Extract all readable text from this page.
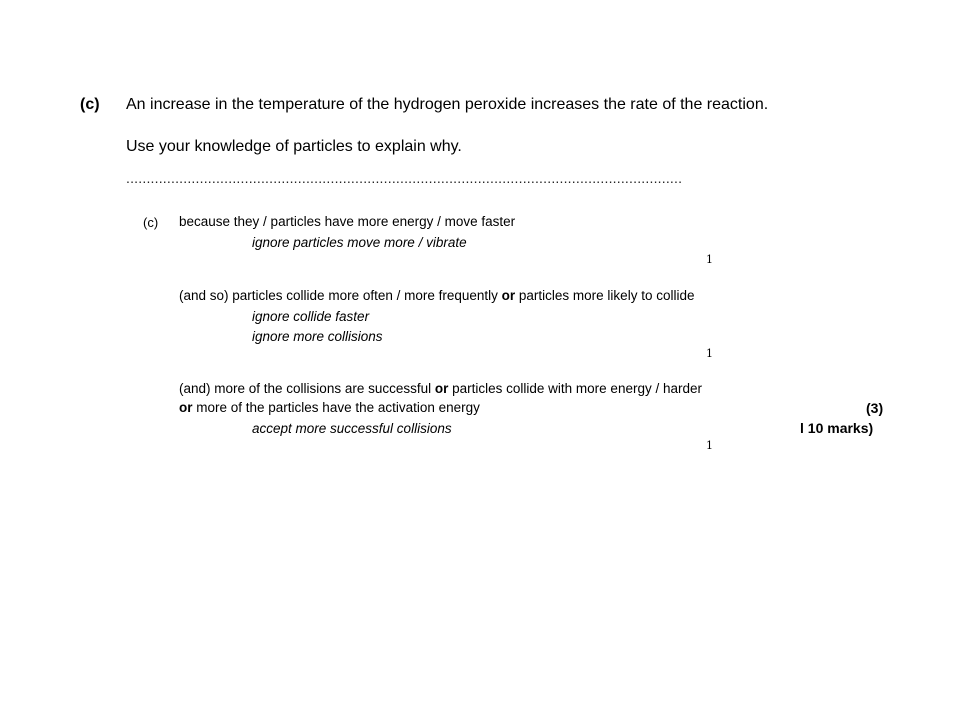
(c) An increase in the temperature of the hydrogen peroxide increases the rate of the reaction.
Use your knowledge of particles to explain why.
........................................................................................................................................
(c) because they / particles have more energy / move faster
ignore particles move more / vibrate
1
(and so) particles collide more often / more frequently or particles more likely to collide
ignore collide faster
ignore more collisions
1
(and) more of the collisions are successful or particles collide with more energy / harder
or more of the particles have the activation energy
accept more successful collisions
1
(3)
l 10 marks)
